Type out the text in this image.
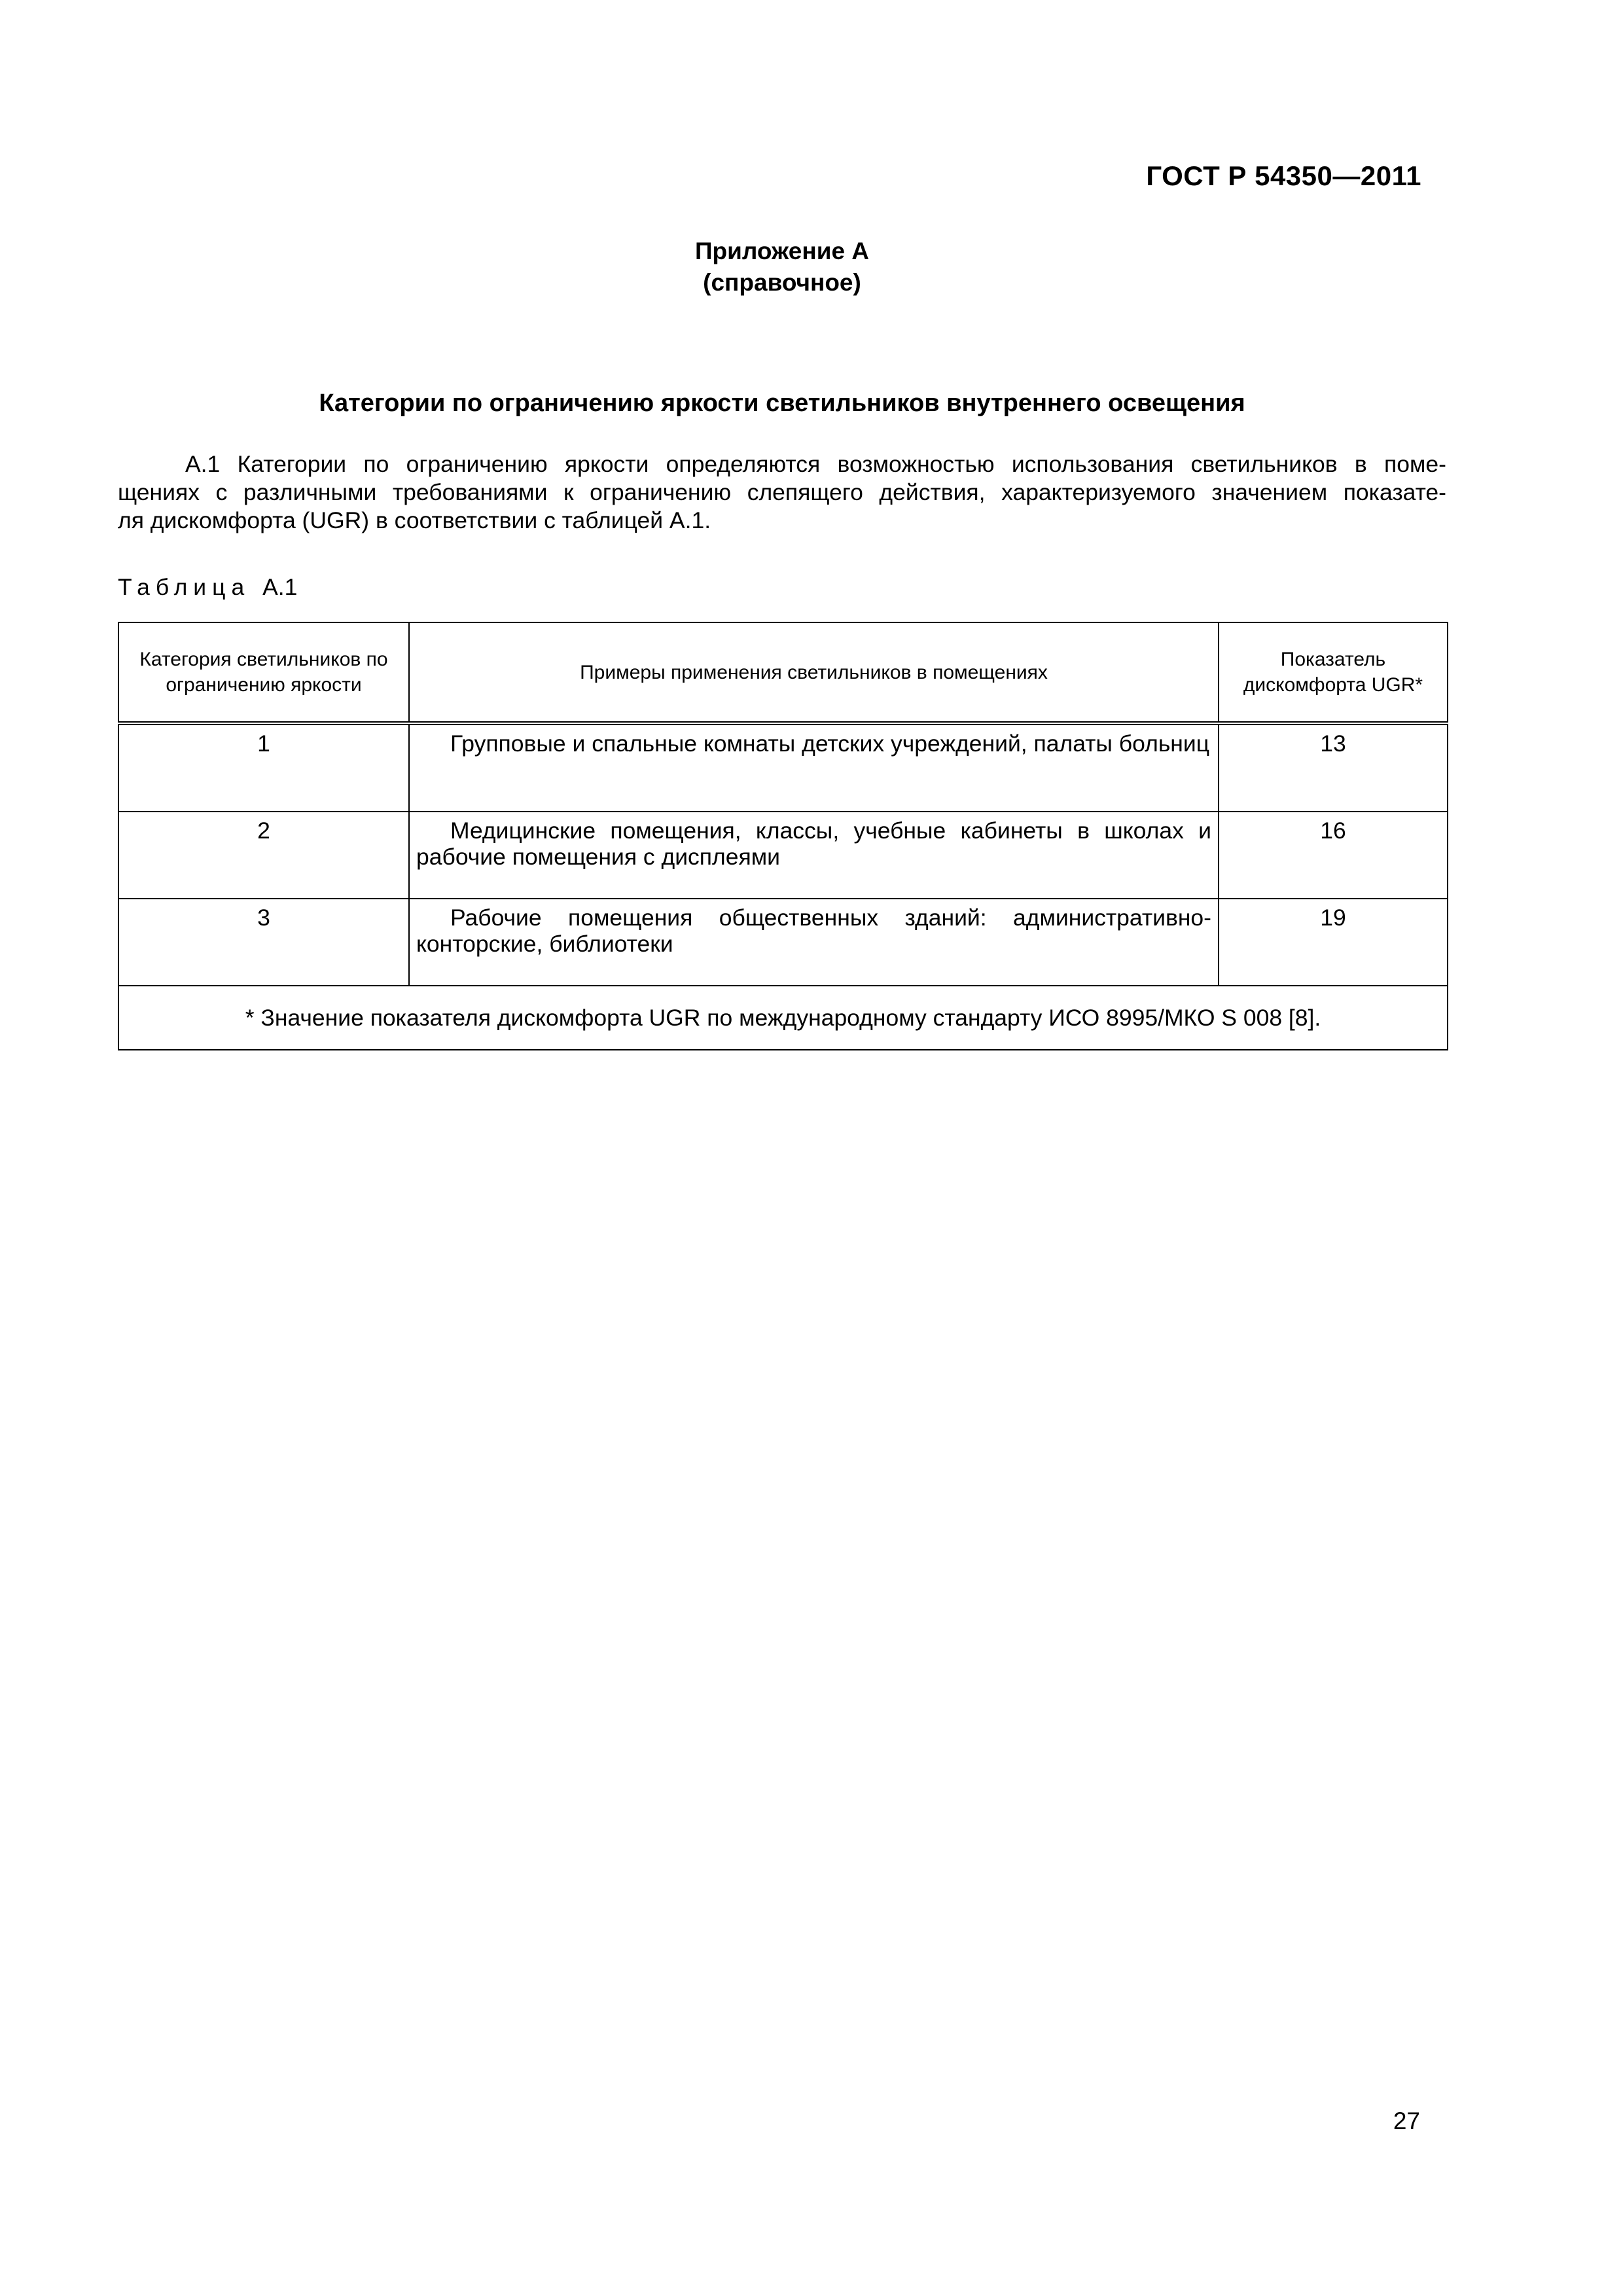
ГОСТ Р 54350—2011
Приложение А
(справочное)
Категории по ограничению яркости светильников внутреннего освещения
А.1 Категории по ограничению яркости определяются возможностью использования светильников в поме-
щениях с различными требованиями к ограничению слепящего действия, характеризуемого значением показате-
ля дискомфорта (UGR) в соответствии с таблицей А.1.
Таблица А.1
Категория светильников по ограничению яркости	Примеры применения светильников в помещениях	Показатель дискомфорта UGR*
1	Групповые и спальные комнаты детских учреждений, палаты больниц	13
2	Медицинские помещения, классы, учебные кабинеты в школах и рабочие помещения с дисплеями	16
3	Рабочие помещения общественных зданий: административно-конторские, библиотеки	19
* Значение показателя дискомфорта UGR по международному стандарту ИСО 8995/МКО S 008 [8].		
27
